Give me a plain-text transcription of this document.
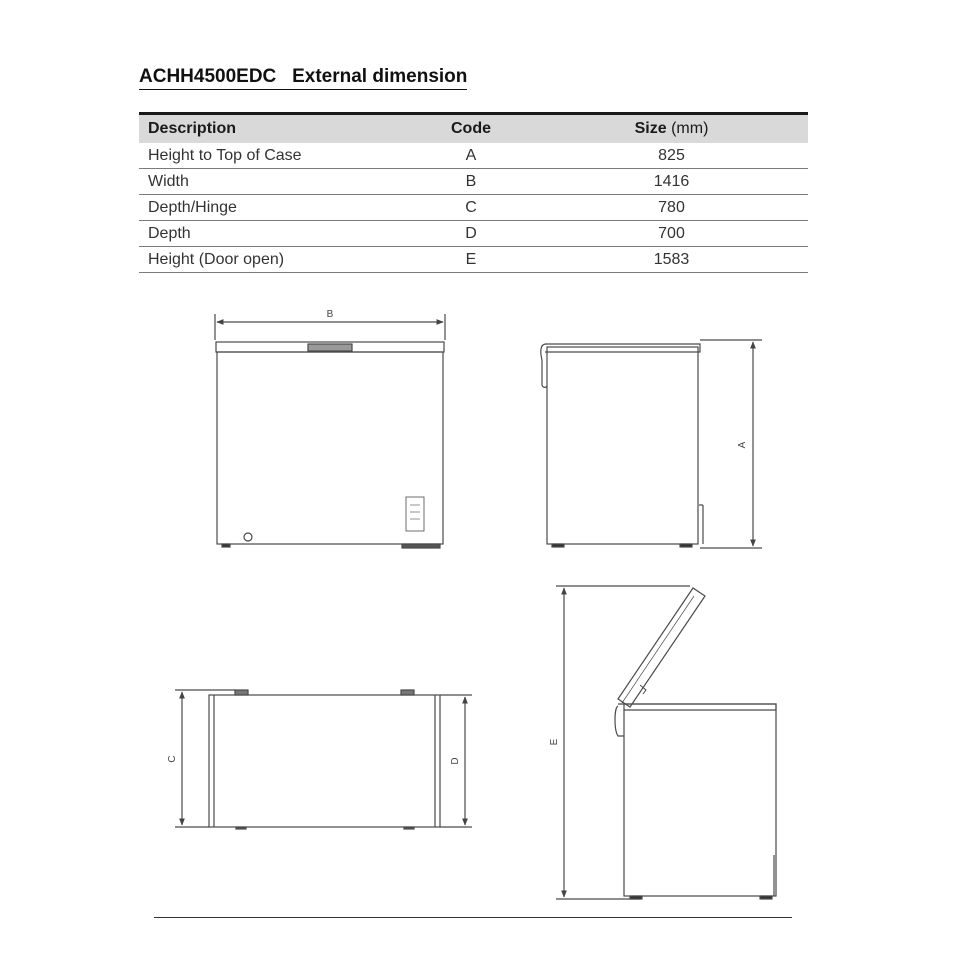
ACHH4500EDC   External dimension
Description	Code	Size (mm)
Height to Top of Case	A	825
Width	B	1416
Depth/Hinge	C	780
Depth	D	700
Height (Door open)	E	1583
B
A
C	D
E
